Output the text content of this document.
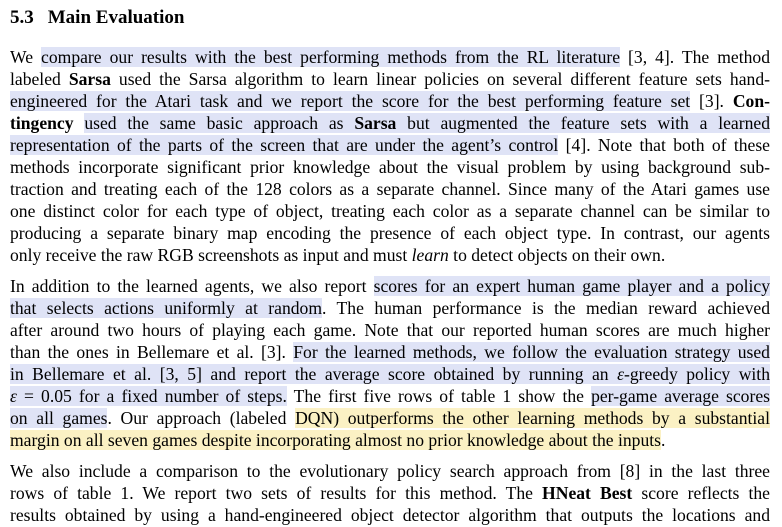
5.3 Main Evaluation
We compare our results with the best performing methods from the RL literature [3, 4]. The method
labeled Sarsa used the Sarsa algorithm to learn linear policies on several different feature sets hand-
engineered for the Atari task and we report the score for the best performing feature set [3]. Con-
tingency used the same basic approach as Sarsa but augmented the feature sets with a learned
representation of the parts of the screen that are under the agent’s control [4]. Note that both of these
methods incorporate significant prior knowledge about the visual problem by using background sub-
traction and treating each of the 128 colors as a separate channel. Since many of the Atari games use
one distinct color for each type of object, treating each color as a separate channel can be similar to
producing a separate binary map encoding the presence of each object type. In contrast, our agents
only receive the raw RGB screenshots as input and must learn to detect objects on their own.
In addition to the learned agents, we also report scores for an expert human game player and a policy
that selects actions uniformly at random. The human performance is the median reward achieved
after around two hours of playing each game. Note that our reported human scores are much higher
than the ones in Bellemare et al. [3]. For the learned methods, we follow the evaluation strategy used
in Bellemare et al. [3, 5] and report the average score obtained by running an ε-greedy policy with
ε = 0.05 for a fixed number of steps. The first five rows of table 1 show the per-game average scores
on all games. Our approach (labeled DQN) outperforms the other learning methods by a substantial
margin on all seven games despite incorporating almost no prior knowledge about the inputs.
We also include a comparison to the evolutionary policy search approach from [8] in the last three
rows of table 1. We report two sets of results for this method. The HNeat Best score reflects the
results obtained by using a hand-engineered object detector algorithm that outputs the locations and
